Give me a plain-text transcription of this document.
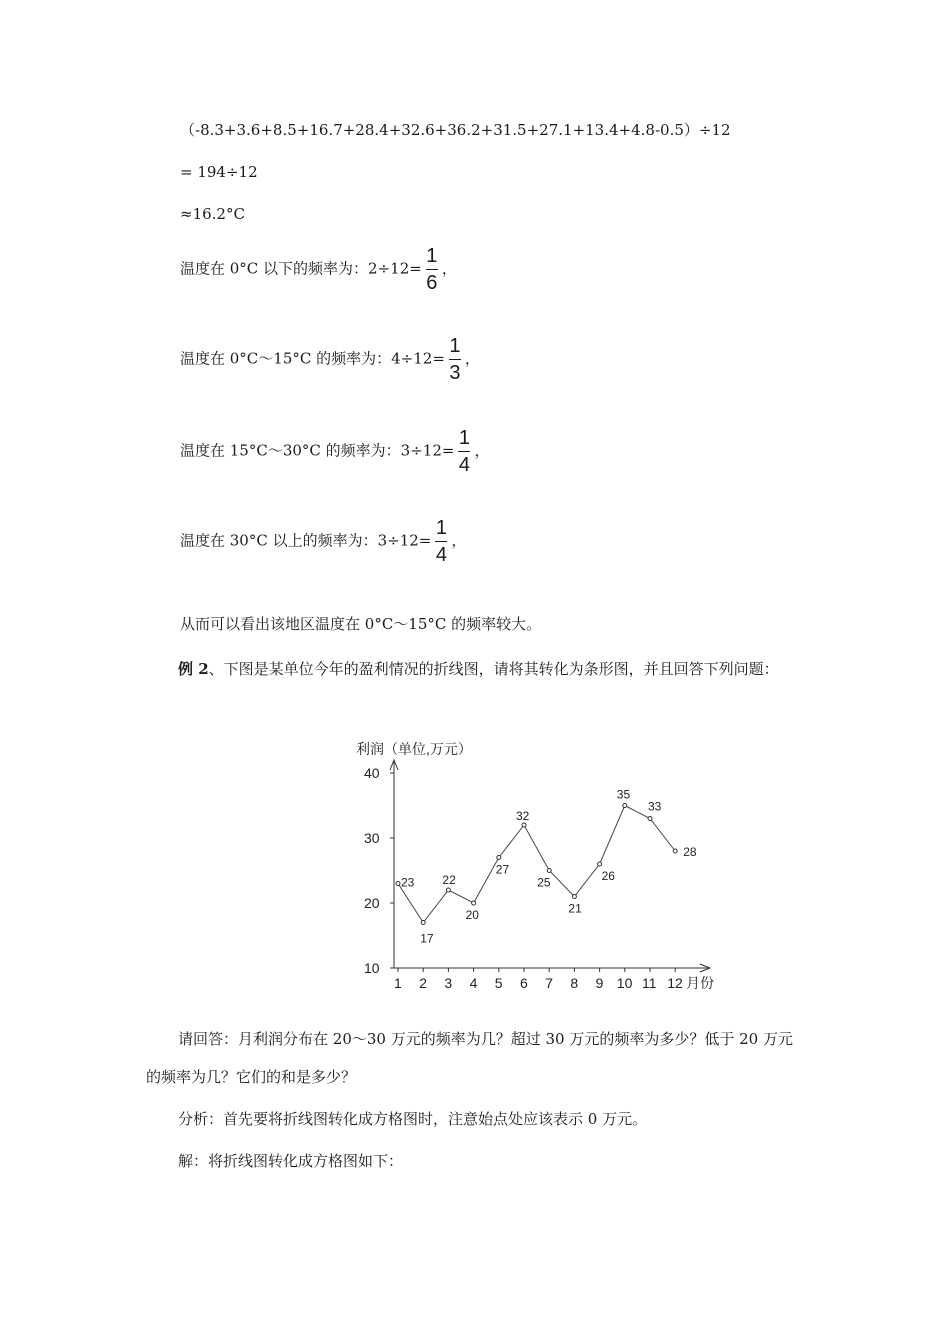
（-8.3+3.6+8.5+16.7+28.4+32.6+36.2+31.5+27.1+13.4+4.8-0.5）÷12
= 194÷12
≈16.2°C
温度在 0°C 以下的频率为：$2\div 12= \frac{1}{6}$ ，
温度在 0°C～15°C 的频率为：$4\div 12= \frac{1}{3}$ ，
温度在 15°C～30°C 的频率为：$3\div 12= \frac{1}{4}$ ，
温度在 30°C 以上的频率为：$3\div 12= \frac{1}{4}$ ，
从而可以看出该地区温度在 0°C～15°C 的频率较大。
例 2、下图是某单位今年的盈利情况的折线图，请将其转化为条形图，并且回答下列问题：
利润（单位,万元）
10
20
30
40
1 2 3 4 5 6 7 8 9 10 11 12 月份
23
17
22
20
27
32
25
21
26
35
33
28
请回答：月利润分布在 20～30 万元的频率为几？超过 30 万元的频率为多少？低于 20 万元的频率为几？它们的和是多少？
分析：首先要将折线图转化成方格图时，注意始点处应该表示 0 万元。
解：将折线图转化成方格图如下：
